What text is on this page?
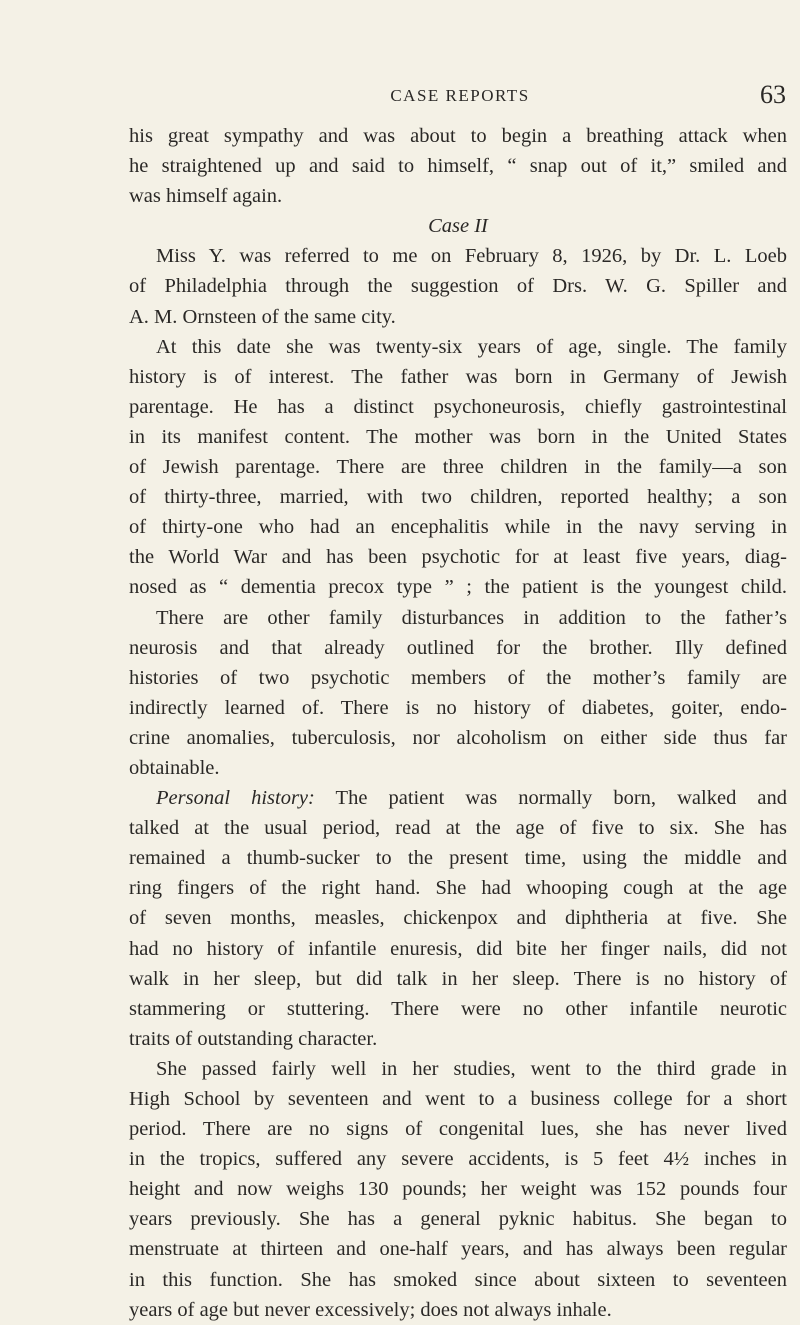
CASE REPORTS	63
his great sympathy and was about to begin a breathing attack when
he straightened up and said to himself, “ snap out of it,” smiled and
was himself again.
Case II
Miss Y. was referred to me on February 8, 1926, by Dr. L. Loeb
of Philadelphia through the suggestion of Drs. W. G. Spiller and
A. M. Ornsteen of the same city.
At this date she was twenty-six years of age, single. The family
history is of interest. The father was born in Germany of Jewish
parentage. He has a distinct psychoneurosis, chiefly gastrointestinal
in its manifest content. The mother was born in the United States
of Jewish parentage. There are three children in the family—a son
of thirty-three, married, with two children, reported healthy; a son
of thirty-one who had an encephalitis while in the navy serving in
the World War and has been psychotic for at least five years, diag-
nosed as “ dementia precox type ” ; the patient is the youngest child.
There are other family disturbances in addition to the father’s
neurosis and that already outlined for the brother. Illy defined
histories of two psychotic members of the mother’s family are
indirectly learned of. There is no history of diabetes, goiter, endo-
crine anomalies, tuberculosis, nor alcoholism on either side thus far
obtainable.
Personal history: The patient was normally born, walked and
talked at the usual period, read at the age of five to six. She has
remained a thumb-sucker to the present time, using the middle and
ring fingers of the right hand. She had whooping cough at the age
of seven months, measles, chickenpox and diphtheria at five. She
had no history of infantile enuresis, did bite her finger nails, did not
walk in her sleep, but did talk in her sleep. There is no history of
stammering or stuttering. There were no other infantile neurotic
traits of outstanding character.
She passed fairly well in her studies, went to the third grade in
High School by seventeen and went to a business college for a short
period. There are no signs of congenital lues, she has never lived
in the tropics, suffered any severe accidents, is 5 feet 4½ inches in
height and now weighs 130 pounds; her weight was 152 pounds four
years previously. She has a general pyknic habitus. She began to
menstruate at thirteen and one-half years, and has always been regular
in this function. She has smoked since about sixteen to seventeen
years of age but never excessively; does not always inhale.
